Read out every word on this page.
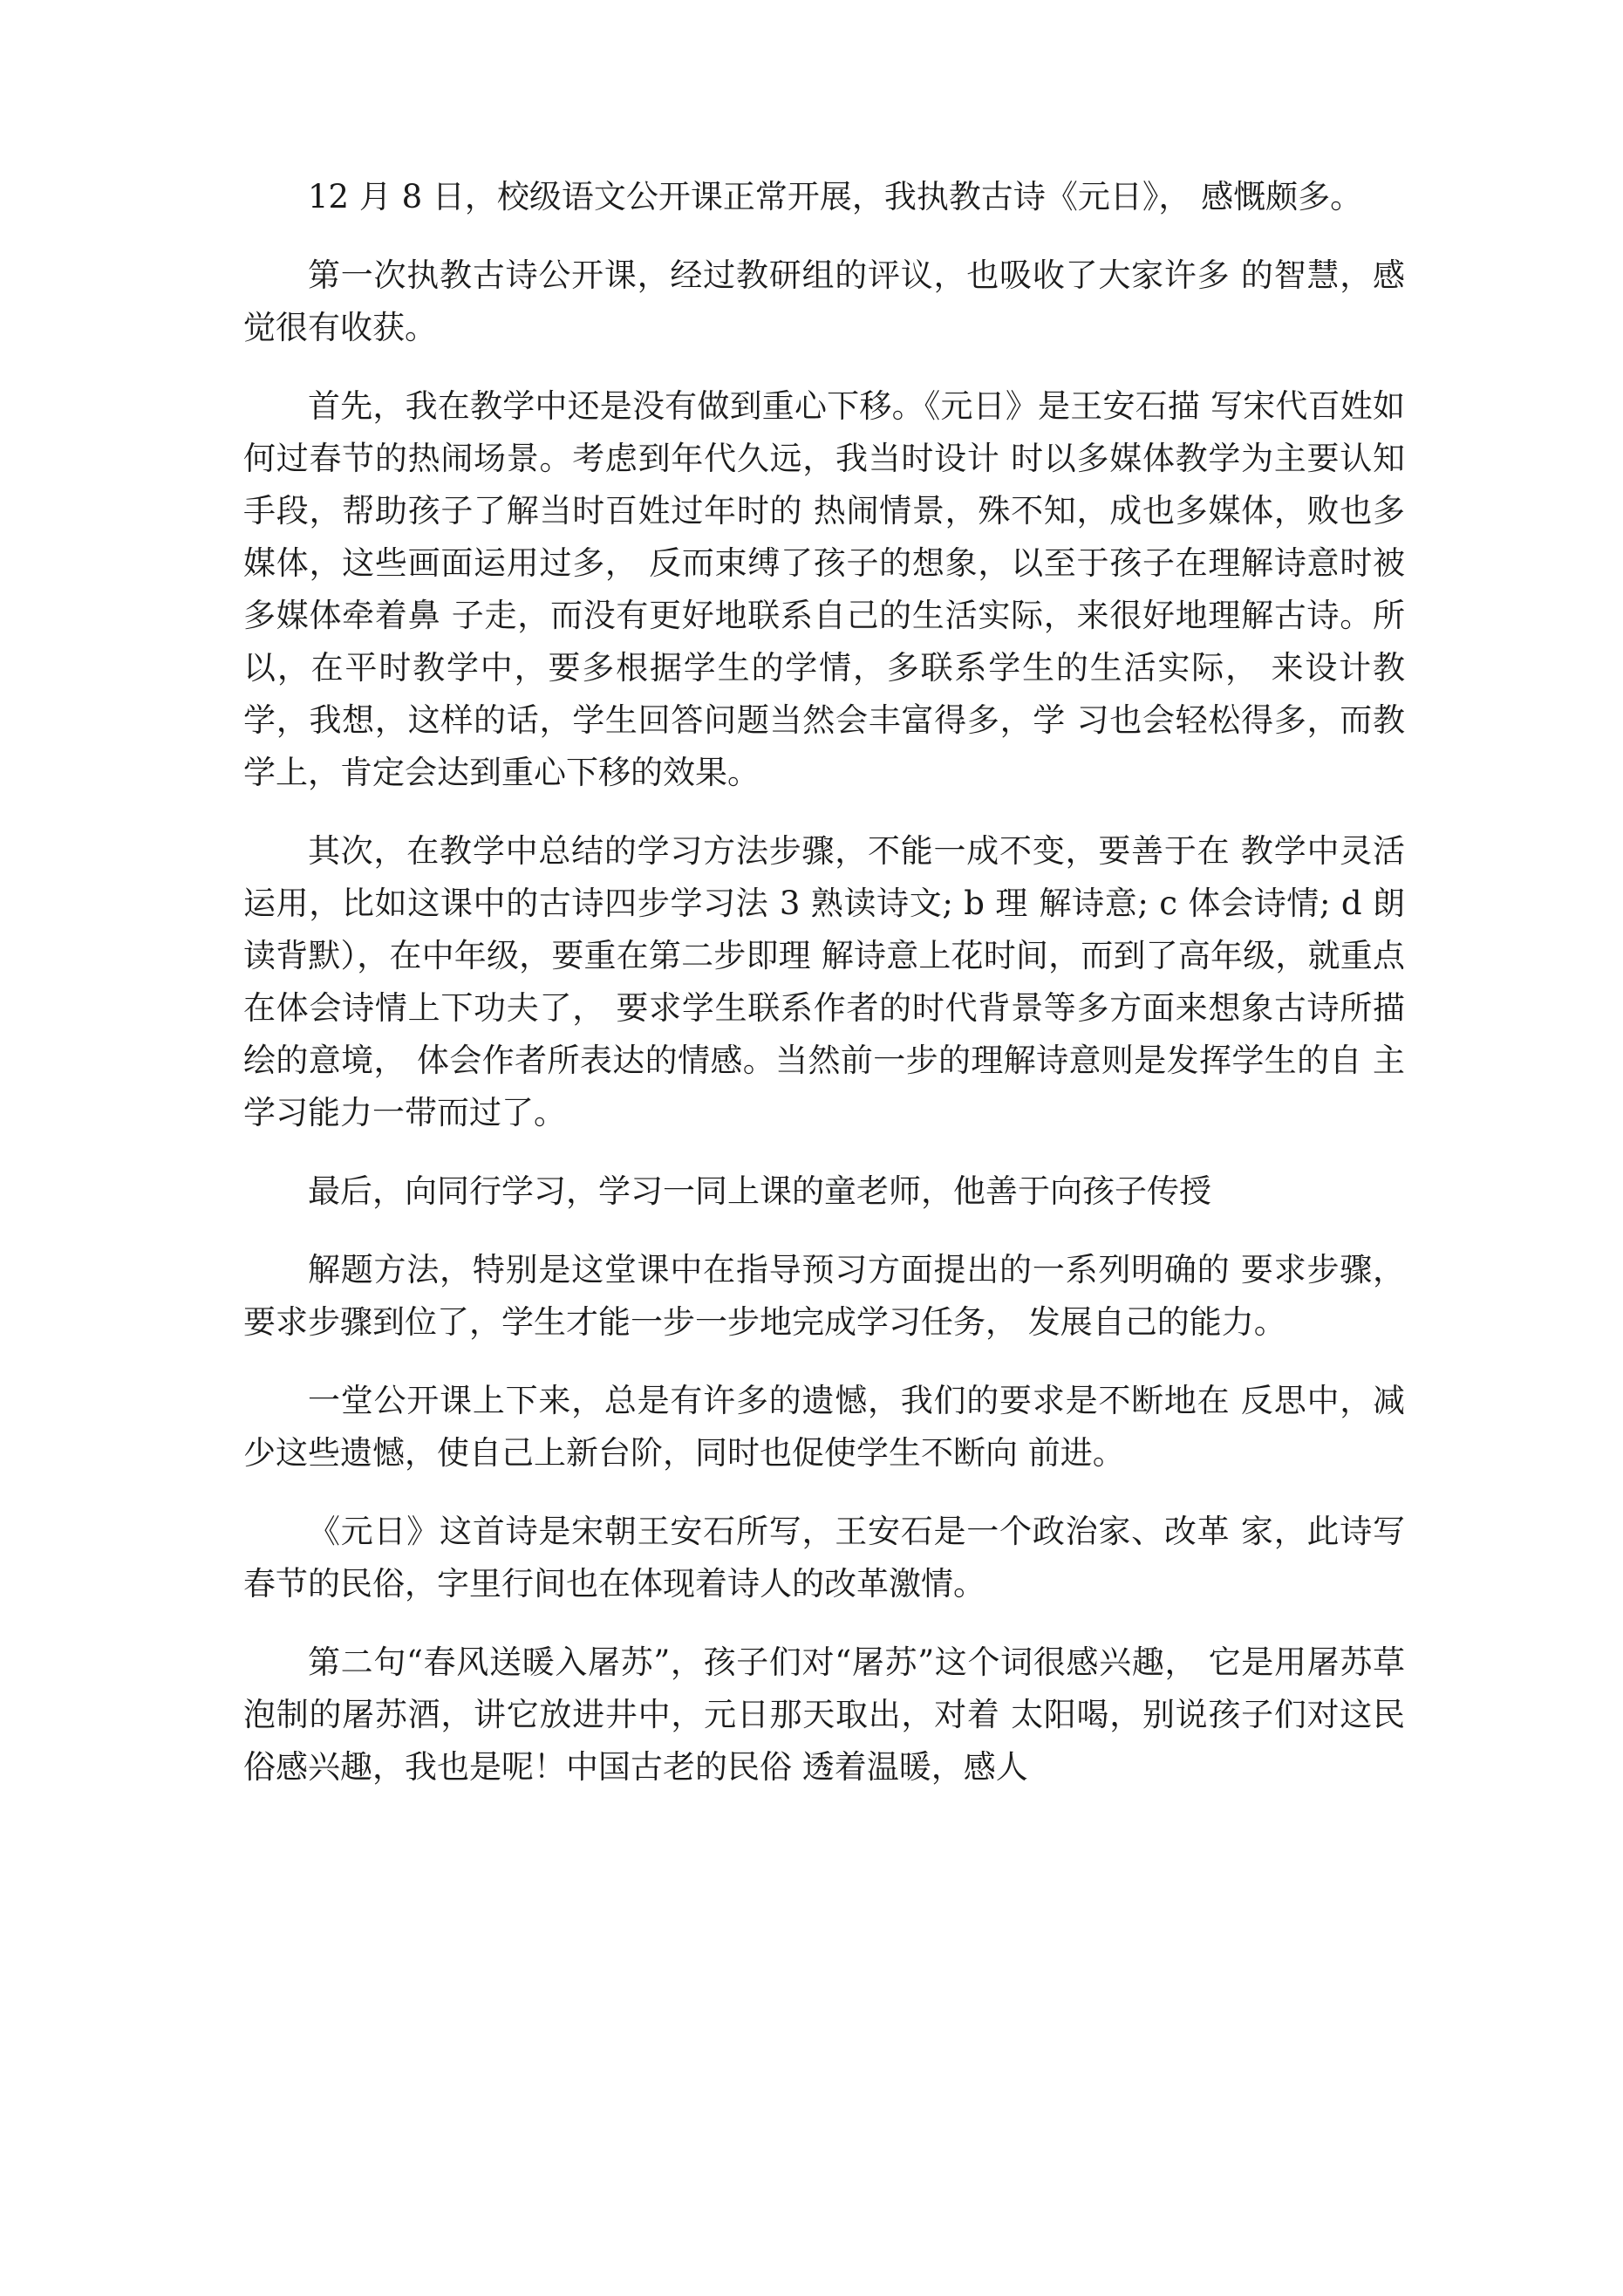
12 月 8 日，校级语文公开课正常开展，我执教古诗《元日》， 感慨颇多。

第一次执教古诗公开课，经过教研组的评议，也吸收了大家许多 的智慧，感觉很有收获。

首先，我在教学中还是没有做到重心下移。《元日》是王安石描 写宋代百姓如何过春节的热闹场景。考虑到年代久远，我当时设计 时以多媒体教学为主要认知手段，帮助孩子了解当时百姓过年时的 热闹情景，殊不知，成也多媒体，败也多媒体，这些画面运用过多， 反而束缚了孩子的想象，以至于孩子在理解诗意时被多媒体牵着鼻 子走，而没有更好地联系自己的生活实际，来很好地理解古诗。所 以，在平时教学中，要多根据学生的学情，多联系学生的生活实际， 来设计教学，我想，这样的话，学生回答问题当然会丰富得多，学 习也会轻松得多，而教学上，肯定会达到重心下移的效果。

其次，在教学中总结的学习方法步骤，不能一成不变，要善于在 教学中灵活运用，比如这课中的古诗四步学习法 3 熟读诗文; b 理 解诗意; c 体会诗情; d 朗读背默），在中年级，要重在第二步即理 解诗意上花时间，而到了高年级，就重点在体会诗情上下功夫了， 要求学生联系作者的时代背景等多方面来想象古诗所描绘的意境， 体会作者所表达的情感。当然前一步的理解诗意则是发挥学生的自 主学习能力一带而过了。

最后，向同行学习，学习一同上课的童老师，他善于向孩子传授

解题方法，特别是这堂课中在指导预习方面提出的一系列明确的 要求步骤，要求步骤到位了，学生才能一步一步地完成学习任务， 发展自己的能力。

一堂公开课上下来，总是有许多的遗憾，我们的要求是不断地在 反思中，减少这些遗憾，使自己上新台阶，同时也促使学生不断向 前进。

《元日》这首诗是宋朝王安石所写，王安石是一个政治家、改革 家，此诗写春节的民俗，字里行间也在体现着诗人的改革激情。

第二句“春风送暖入屠苏”，孩子们对“屠苏”这个词很感兴趣， 它是用屠苏草泡制的屠苏酒，讲它放进井中，元日那天取出，对着 太阳喝，别说孩子们对这民俗感兴趣，我也是呢！中国古老的民俗 透着温暖，感人
